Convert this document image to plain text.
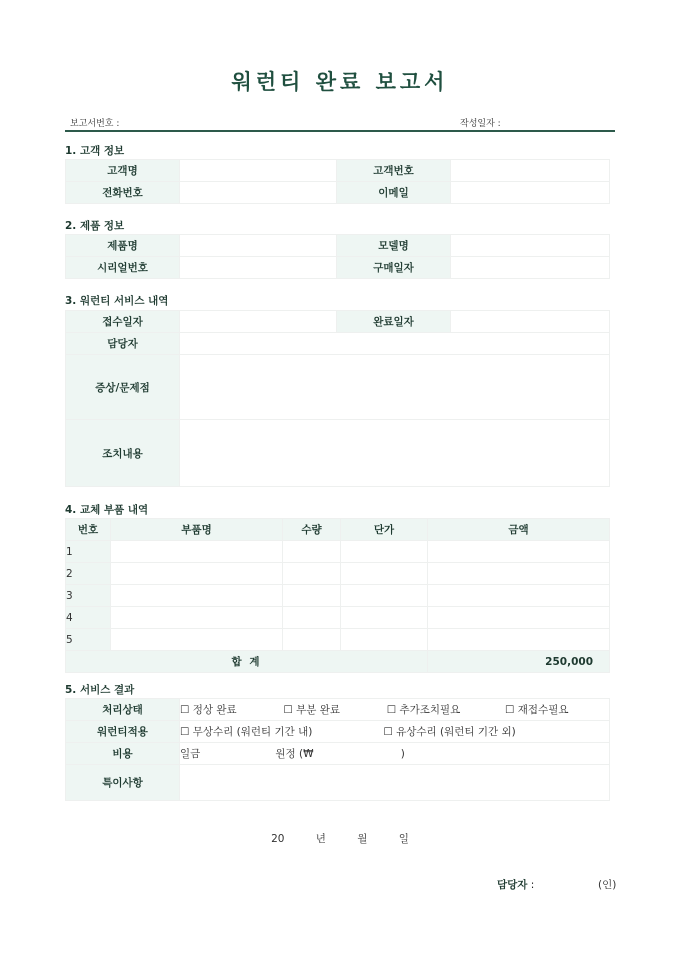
워런티 완료 보고서
보고서번호 :	작성일자 :
1. 고객 정보
고객명		고객번호	
전화번호		이메일	
2. 제품 정보
제품명		모델명	
시리얼번호		구매일자	
3. 워런티 서비스 내역
접수일자		완료일자	
담당자			
증상/문제점			
조치내용			
4. 교체 부품 내역
번호	부품명	수량	단가	금액
1				
2				
3				
4				
5				
합 계				250,000
5. 서비스 결과
처리상태	☐ 정상 완료 ☐ 부분 완료 ☐ 추가조치필요 ☐ 재접수필요
워런티적용	☐ 무상수리 (워런티 기간 내) ☐ 유상수리 (워런티 기간 외)
비용	일금 원정 (₩ )
특이사항	
20	년	월	일
담당자 :	(인)
